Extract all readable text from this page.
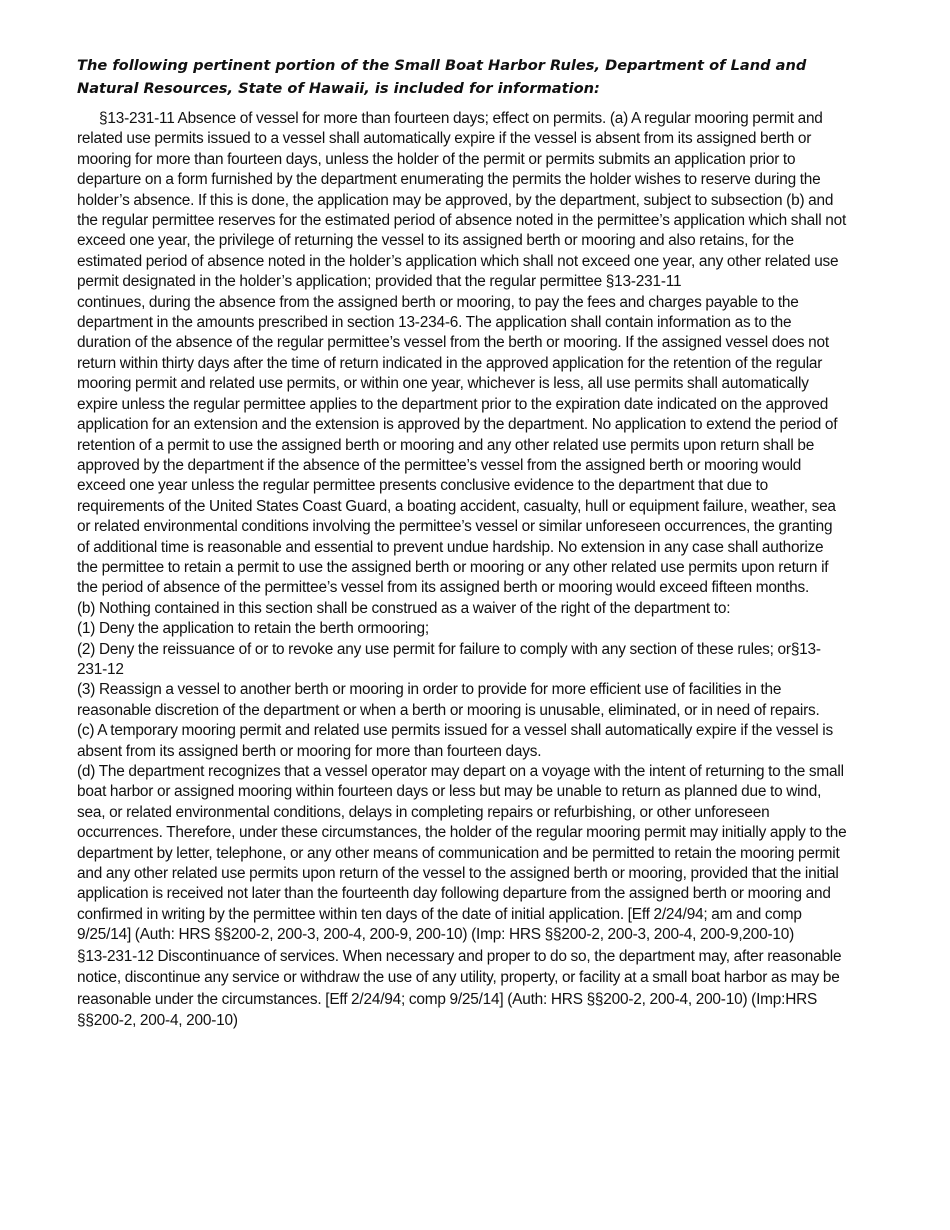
The following pertinent portion of the Small Boat Harbor Rules, Department of Land and Natural Resources, State of Hawaii, is included for information:

§13-231-11 Absence of vessel for more than fourteen days; effect on permits. (a) A regular mooring permit and related use permits issued to a vessel shall automatically expire if the vessel is absent from its assigned berth or mooring for more than fourteen days, unless the holder of the permit or permits submits an application prior to departure on a form furnished by the department enumerating the permits the holder wishes to reserve during the holder’s absence. If this is done, the application may be approved, by the department, subject to subsection (b) and the regular permittee reserves for the estimated period of absence noted in the permittee’s application which shall not exceed one year, the privilege of returning the vessel to its assigned berth or mooring and also retains, for the estimated period of absence noted in the holder’s application which shall not exceed one year, any other related use permit designated in the holder’s application; provided that the regular permittee §13-231-11

continues, during the absence from the assigned berth or mooring, to pay the fees and charges payable to the department in the amounts prescribed in section 13-234-6. The application shall contain information as to the duration of the absence of the regular permittee’s vessel from the berth or mooring. If the assigned vessel does not return within thirty days after the time of return indicated in the approved application for the retention of the regular mooring permit and related use permits, or within one year, whichever is less, all use permits shall automatically expire unless the regular permittee applies to the department prior to the expiration date indicated on the approved application for an extension and the extension is approved by the department. No application to extend the period of retention of a permit to use the assigned berth or mooring and any other related use permits upon return shall be approved by the department if the absence of the permittee’s vessel from the assigned berth or mooring would exceed one year unless the regular permittee presents conclusive evidence to the department that due to requirements of the United States Coast Guard, a boating accident, casualty, hull or equipment failure, weather, sea or related environmental conditions involving the permittee’s vessel or similar unforeseen occurrences, the granting of additional time is reasonable and essential to prevent undue hardship. No extension in any case shall authorize the permittee to retain a permit to use the assigned berth or mooring or any other related use permits upon return if the period of absence of the permittee’s vessel from its assigned berth or mooring would exceed fifteen months.

(b) Nothing contained in this section shall be construed as a waiver of the right of the department to:

(1) Deny the application to retain the berth ormooring;

(2) Deny the reissuance of or to revoke any use permit for failure to comply with any section of these rules; or§13-231-12

(3) Reassign a vessel to another berth or mooring in order to provide for more efficient use of facilities in the reasonable discretion of the department or when a berth or mooring is unusable, eliminated, or in need of repairs.

(c) A temporary mooring permit and related use permits issued for a vessel shall automatically expire if the vessel is absent from its assigned berth or mooring for more than fourteen days.

(d) The department recognizes that a vessel operator may depart on a voyage with the intent of returning to the small boat harbor or assigned mooring within fourteen days or less but may be unable to return as planned due to wind, sea, or related environmental conditions, delays in completing repairs or refurbishing, or other unforeseen occurrences. Therefore, under these circumstances, the holder of the regular mooring permit may initially apply to the department by letter, telephone, or any other means of communication and be permitted to retain the mooring permit and any other related use permits upon return of the vessel to the assigned berth or mooring, provided that the initial application is received not later than the fourteenth day following departure from the assigned berth or mooring and confirmed in writing by the permittee within ten days of the date of initial application. [Eff 2/24/94; am and comp 9/25/14] (Auth: HRS §§200-2, 200-3, 200-4, 200-9, 200-10) (Imp: HRS §§200-2, 200-3, 200-4, 200-9,200-10)

§13-231-12 Discontinuance of services. When necessary and proper to do so, the department may, after reasonable notice, discontinue any service or withdraw the use of any utility, property, or facility at a small boat harbor as may be reasonable under the circumstances. [Eff 2/24/94; comp 9/25/14] (Auth: HRS §§200-2, 200-4, 200-10) (Imp:HRS §§200-2, 200-4, 200-10)
